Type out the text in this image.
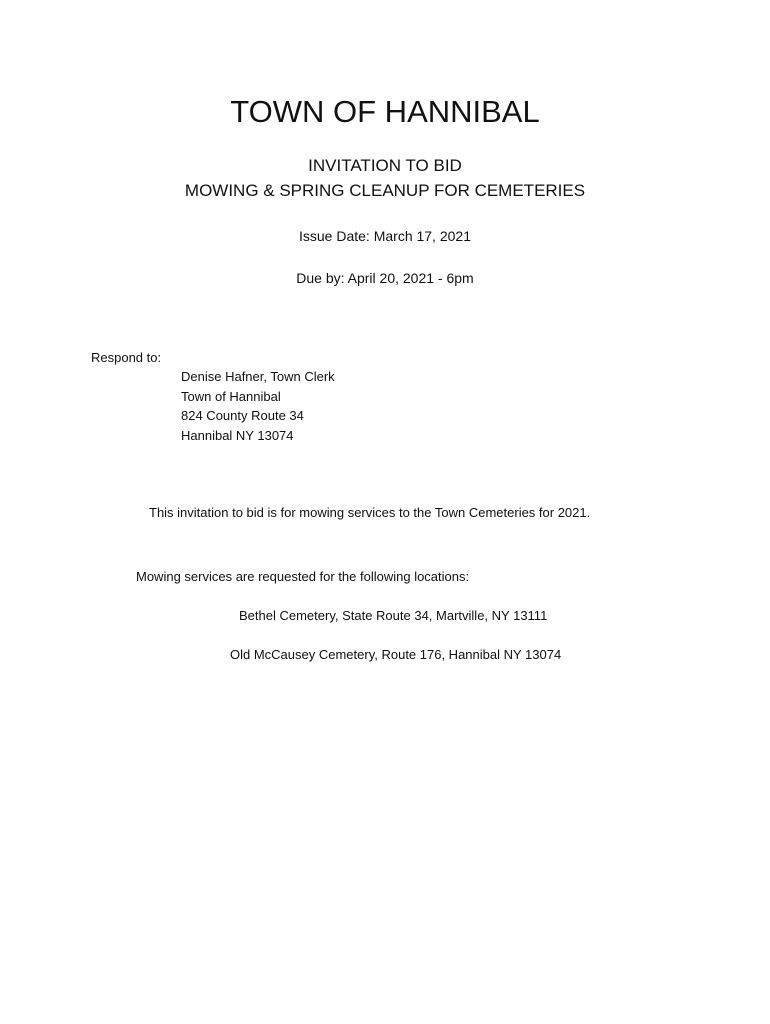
TOWN OF HANNIBAL
INVITATION TO BID
MOWING & SPRING CLEANUP FOR CEMETERIES
Issue Date: March 17, 2021
Due by: April 20, 2021 - 6pm
Respond to:
Denise Hafner, Town Clerk
Town of Hannibal
824 County Route 34
Hannibal NY 13074
This invitation to bid is for mowing services to the Town Cemeteries for 2021.
Mowing services are requested for the following locations:
Bethel Cemetery, State Route 34, Martville, NY 13111
Old McCausey Cemetery, Route 176, Hannibal NY 13074
